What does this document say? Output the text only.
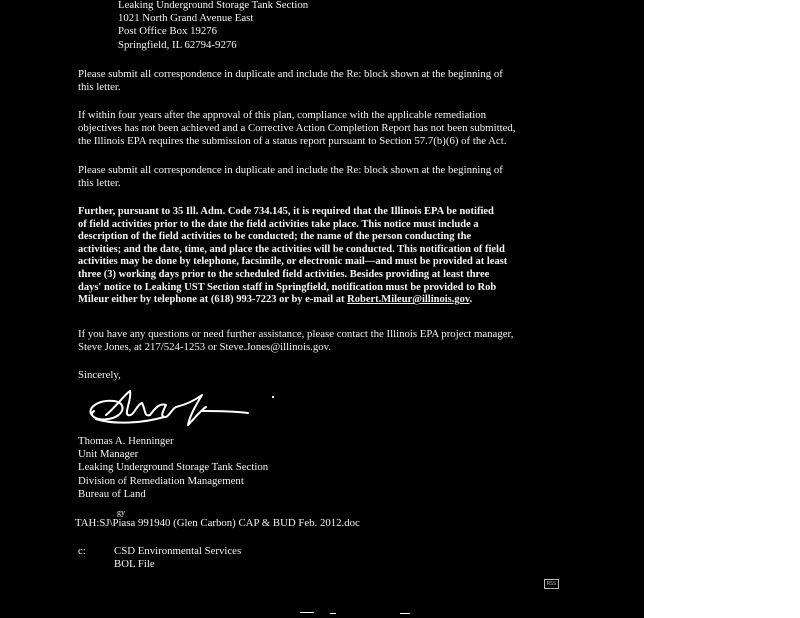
Leaking Underground Storage Tank Section
1021 North Grand Avenue East
Post Office Box 19276
Springfield, IL 62794-9276
Please submit all correspondence in duplicate and include the Re: block shown at the beginning of
this letter.
If within four years after the approval of this plan, compliance with the applicable remediation
objectives has not been achieved and a Corrective Action Completion Report has not been submitted,
the Illinois EPA requires the submission of a status report pursuant to Section 57.7(b)(6) of the Act.
Please submit all correspondence in duplicate and include the Re: block shown at the beginning of
this letter.
Further, pursuant to 35 Ill. Adm. Code 734.145, it is required that the Illinois EPA be notified
of field activities prior to the date the field activities take place. This notice must include a
description of the field activities to be conducted; the name of the person conducting the
activities; and the date, time, and place the activities will be conducted. This notification of field
activities may be done by telephone, facsimile, or electronic mail—and must be provided at least
three (3) working days prior to the scheduled field activities. Besides providing at least three
days' notice to Leaking UST Section staff in Springfield, notification must be provided to Rob
Mileur either by telephone at (618) 993-7223 or by e-mail at Robert.Mileur@illinois.gov.
If you have any questions or need further assistance, please contact the Illinois EPA project manager,
Steve Jones, at 217/524-1253 or Steve.Jones@illinois.gov.
Sincerely,
Thomas A. Henninger
Unit Manager
Leaking Underground Storage Tank Section
Division of Remediation Management
Bureau of Land
gy
TAH:SJ\Piasa 991940 (Glen Carbon) CAP & BUD Feb. 2012.doc
c:	CSD Environmental Services
BOL File
RSS
